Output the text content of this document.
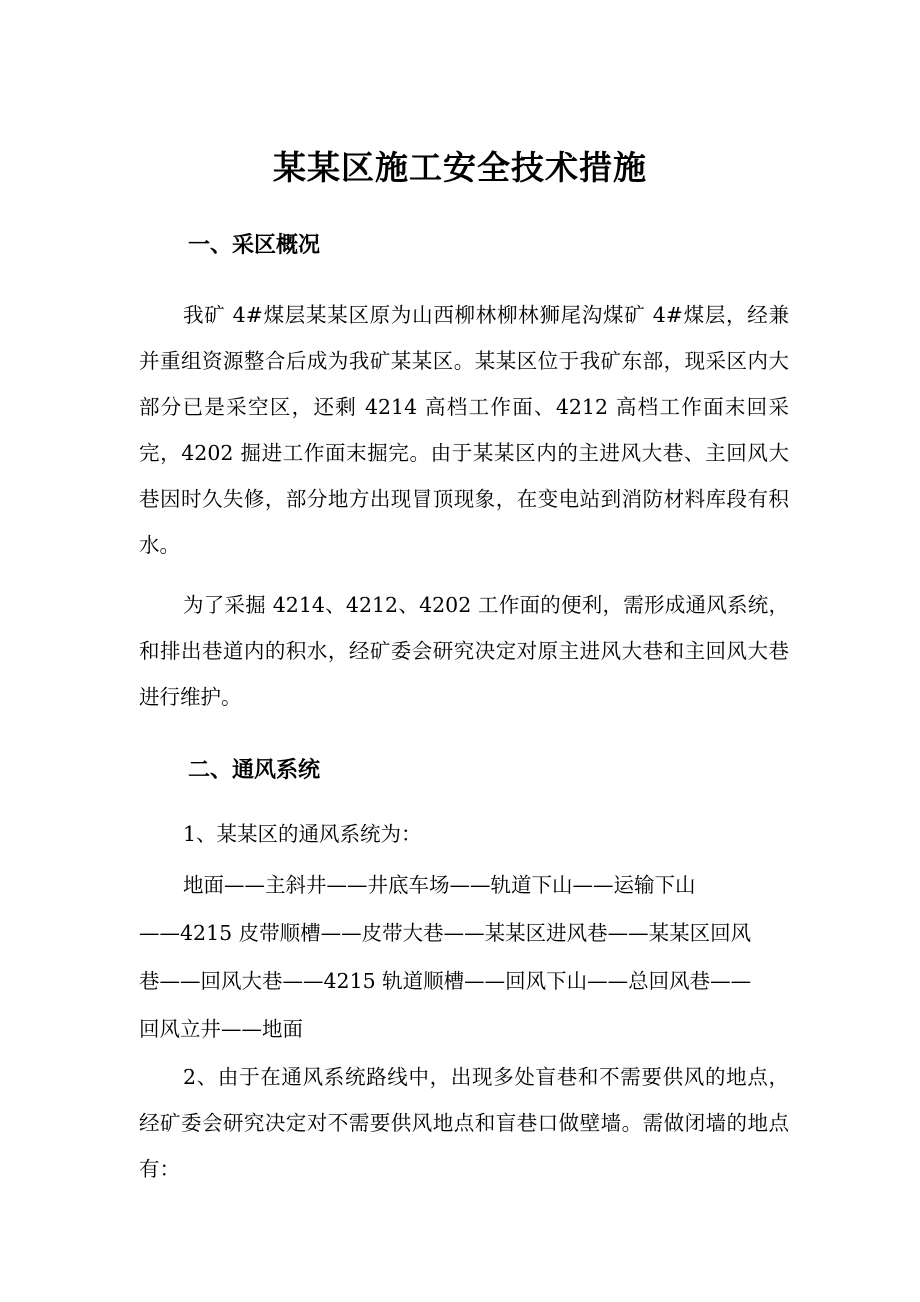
某某区施工安全技术措施
一、采区概况
我矿 4#煤层某某区原为山西柳林柳林狮尾沟煤矿 4#煤层，经兼并重组资源整合后成为我矿某某区。某某区位于我矿东部，现采区内大部分已是采空区，还剩 4214 高档工作面、4212 高档工作面末回采完，4202 掘进工作面末掘完。由于某某区内的主进风大巷、主回风大巷因时久失修，部分地方出现冒顶现象，在变电站到消防材料库段有积水。
为了采掘 4214、4212、4202 工作面的便利，需形成通风系统，和排出巷道内的积水，经矿委会研究决定对原主进风大巷和主回风大巷进行维护。
二、通风系统
1、某某区的通风系统为：
地面——主斜井——井底车场——轨道下山——运输下山
——4215 皮带顺槽——皮带大巷——某某区进风巷——某某区回风
巷——回风大巷——4215 轨道顺槽——回风下山——总回风巷——
回风立井——地面
2、由于在通风系统路线中，出现多处盲巷和不需要供风的地点，经矿委会研究决定对不需要供风地点和盲巷口做壁墙。需做闭墙的地点有：
